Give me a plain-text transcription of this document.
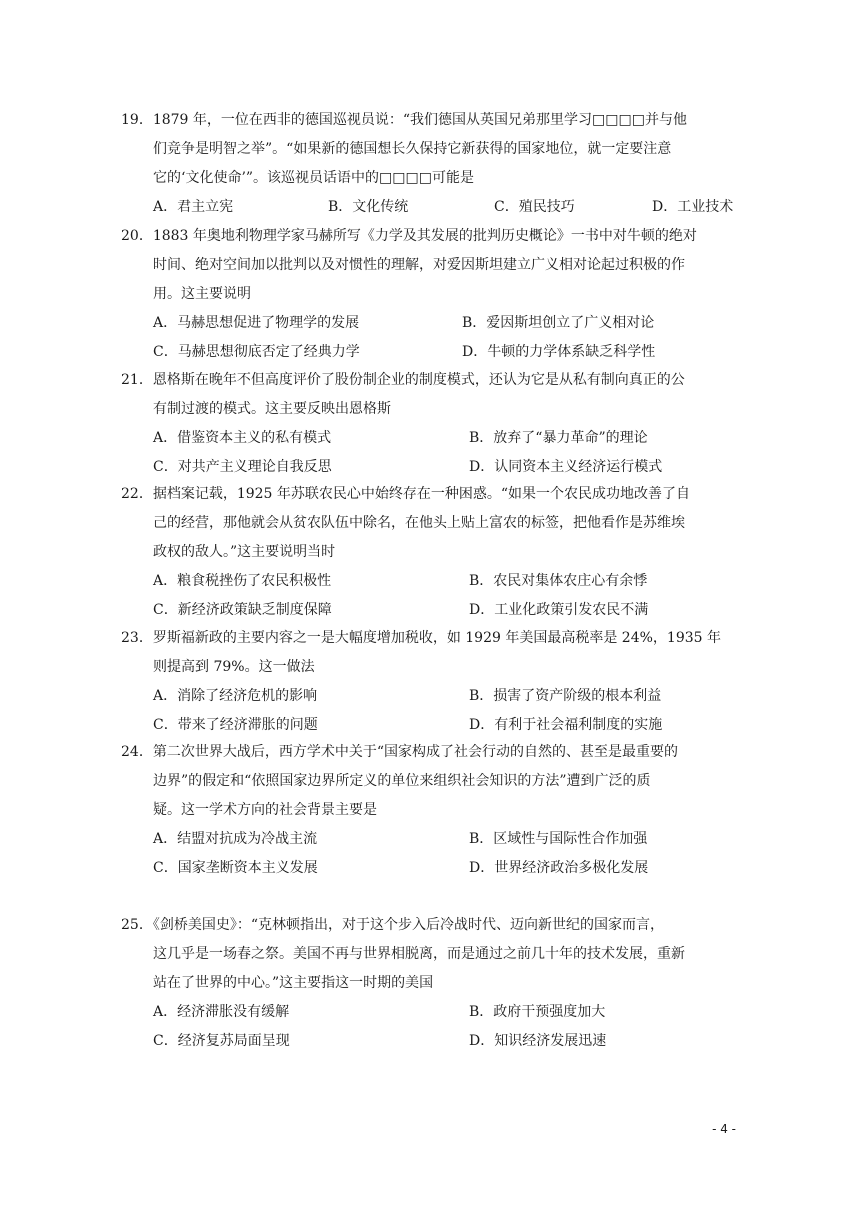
19．1879 年，一位在西非的德国巡视员说：“我们德国从英国兄弟那里学习□□□□并与他
们竞争是明智之举”。“如果新的德国想长久保持它新获得的国家地位，就一定要注意
它的‘文化使命’”。该巡视员话语中的□□□□可能是
A．君主立宪	B．文化传统	C．殖民技巧	D．工业技术
20．1883 年奥地利物理学家马赫所写《力学及其发展的批判历史概论》一书中对牛顿的绝对
时间、绝对空间加以批判以及对惯性的理解，对爱因斯坦建立广义相对论起过积极的作
用。这主要说明
A．马赫思想促进了物理学的发展	B．爱因斯坦创立了广义相对论
C．马赫思想彻底否定了经典力学	D．牛顿的力学体系缺乏科学性
21．恩格斯在晚年不但高度评价了股份制企业的制度模式，还认为它是从私有制向真正的公
有制过渡的模式。这主要反映出恩格斯
A．借鉴资本主义的私有模式	B．放弃了“暴力革命”的理论
C．对共产主义理论自我反思	D．认同资本主义经济运行模式
22．据档案记载，1925 年苏联农民心中始终存在一种困惑。“如果一个农民成功地改善了自
己的经营，那他就会从贫农队伍中除名，在他头上贴上富农的标签，把他看作是苏维埃
政权的敌人。”这主要说明当时
A．粮食税挫伤了农民积极性	B．农民对集体农庄心有余悸
C．新经济政策缺乏制度保障	D．工业化政策引发农民不满
23．罗斯福新政的主要内容之一是大幅度增加税收，如 1929 年美国最高税率是 24%，1935 年
则提高到 79%。这一做法
A．消除了经济危机的影响	B．损害了资产阶级的根本利益
C．带来了经济滞胀的问题	D．有利于社会福利制度的实施
24．第二次世界大战后，西方学术中关于“国家构成了社会行动的自然的、甚至是最重要的
边界”的假定和“依照国家边界所定义的单位来组织社会知识的方法”遭到广泛的质
疑。这一学术方向的社会背景主要是
A．结盟对抗成为冷战主流	B．区域性与国际性合作加强
C．国家垄断资本主义发展	D．世界经济政治多极化发展
25．《剑桥美国史》：“克林顿指出，对于这个步入后冷战时代、迈向新世纪的国家而言，
这几乎是一场春之祭。美国不再与世界相脱离，而是通过之前几十年的技术发展，重新
站在了世界的中心。”这主要指这一时期的美国
A．经济滞胀没有缓解	B．政府干预强度加大
C．经济复苏局面呈现	D．知识经济发展迅速
- 4 -
